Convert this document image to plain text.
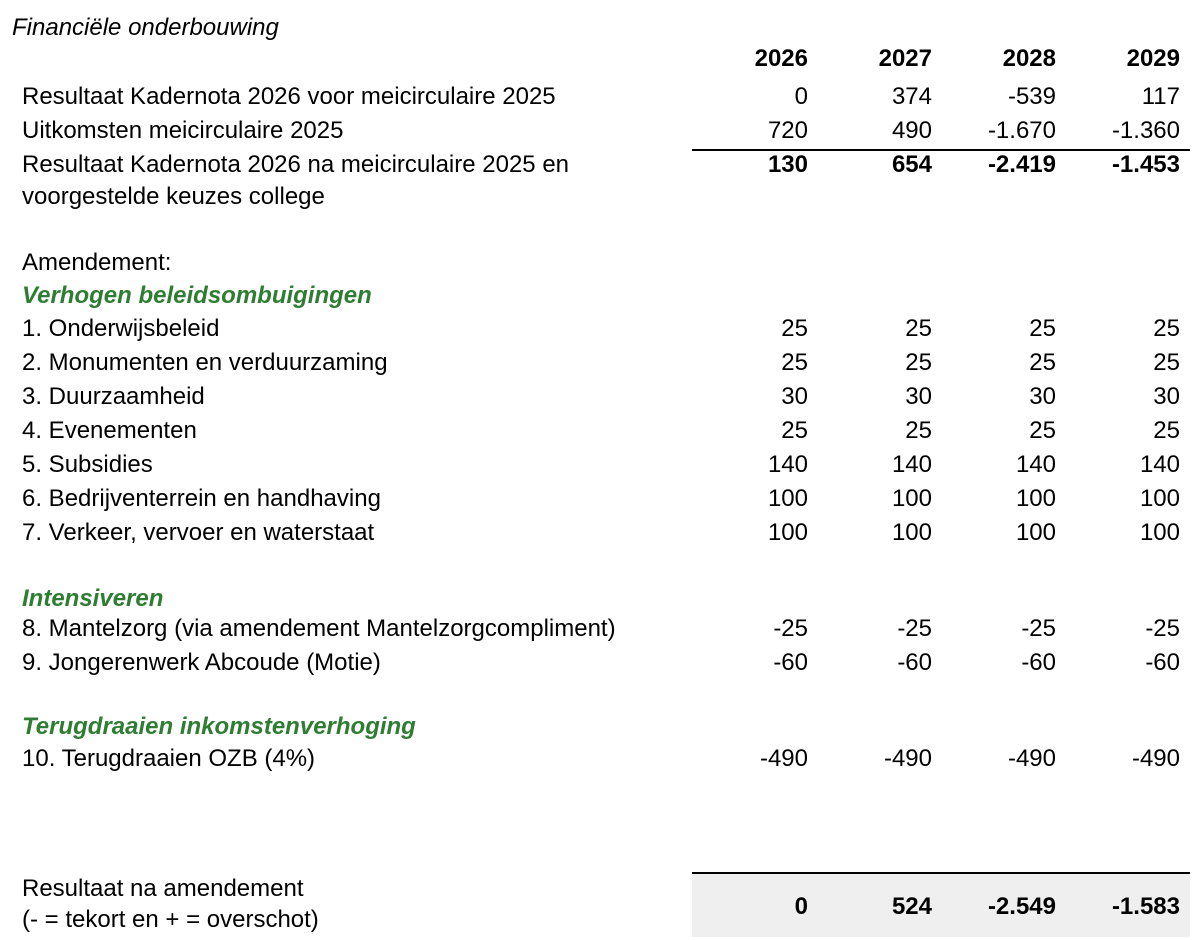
Financiële onderbouwing
2026	2027	2028	2029
Resultaat Kadernota 2026 voor meicirculaire 2025	0	374	-539	117
Uitkomsten meicirculaire 2025	720	490	-1.670	-1.360
Resultaat Kadernota 2026 na meicirculaire 2025 en	130	654	-2.419	-1.453
voorgestelde keuzes college
Amendement:
Verhogen beleidsombuigingen
1. Onderwijsbeleid	25	25	25	25
2. Monumenten en verduurzaming	25	25	25	25
3. Duurzaamheid	30	30	30	30
4. Evenementen	25	25	25	25
5. Subsidies	140	140	140	140
6. Bedrijventerrein en handhaving	100	100	100	100
7. Verkeer, vervoer en waterstaat	100	100	100	100
Intensiveren
8. Mantelzorg (via amendement Mantelzorgcompliment)	-25	-25	-25	-25
9. Jongerenwerk Abcoude (Motie)	-60	-60	-60	-60
Terugdraaien inkomstenverhoging
10. Terugdraaien OZB (4%)	-490	-490	-490	-490
Resultaat na amendement
(- = tekort en + = overschot)	0	524	-2.549	-1.583
